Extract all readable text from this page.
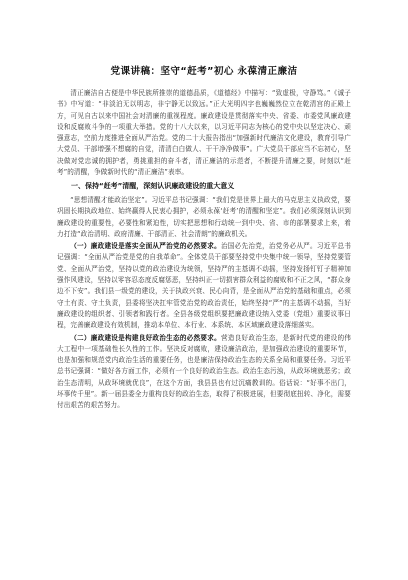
党课讲稿：坚守“赶考”初心 永葆清正廉洁

清正廉洁自古便是中华民族所推崇的道德品质，《道德经》中描写：“致虚极，守静笃。”《诚子书》中写道：“非淡泊无以明志，非宁静无以致远。”正大光明四字也巍巍然位立在乾清宫的正殿上方，可见自古以来中国社会对清廉的重视程度。廉政建设是贯彻落实中央、省委、市委党风廉政建设和反腐败斗争的一项重大举措。党的十八大以来，以习近平同志为核心的党中央以坚定决心、顽强意志，空前力度推进全面从严治党。党的二十大报告指出“加强新时代廉洁文化建设，教育引导广大党员、干部增强不想腐的自觉，清清白白做人、干干净净做事”。广大党员干部应当不忘初心，坚决做对党忠诚的拥护者，勇挑重担的奋斗者，清正廉洁的示范者，不断提升清廉之要，时刻以“赶考”的清醒，争做新时代的“清正廉洁”表率。

一、保持“赶考”清醒，深刻认识廉政建设的重大意义

“思想清醒才能政治坚定”。习近平总书记强调：“我们党是世界上最大的马克思主义执政党，要巩固长期执政地位、始终赢得人民衷心拥护，必须永葆‘赶考’的清醒和坚定”。我们必须深刻认识到廉政建设的重要性，必要性和紧迫性，切实把思想和行动统一到中央、省、市的部署要求上来，着力打造“政治清明、政府清廉、干部清正、社会清朗”的廉政机关。

（一）廉政建设是落实全面从严治党的必然要求。治国必先治党，治党务必从严。习近平总书记强调：“全面从严治党是党的自我革命”。全体党员干部要坚持党中央集中统一领导，坚持党要管党、全面从严治党，坚持以党的政治建设为统领，坚持严的主基调不动摇，坚持发扬钉钉子精神加强作风建设，坚持以零容忍态度反腐惩恶，坚持纠正一切损害群众利益的腐败和不正之风，“群众身边不下安”。我们县一级党的建设，关于执政兴衰、民心向背，是全面从严治党的基础和重点，必须守土有责、守土负责，县委将坚决扛牢管党治党的政治责任，始终坚持“严”的主基调不动摇，当好廉政建设的组织者、引领者和践行者。全县各级党组织要把廉政建设纳入党委（党组）重要议事日程，完善廉政建设有效机制，推动本单位、本行业、本系统、本区域廉政建设落细落实。

（二）廉政建设是构建良好政治生态的必然要求。营造良好政治生态，是新时代党的建设的伟大工程中一项基础性长久性的工作。坚决反对腐败，建设廉洁政治，是加强政治建设的重要环节，也是加强和规范党内政治生活的重要任务，也是廉洁保持政治生态的关系全局和重要任务。习近平总书记强调：“做好各方面工作，必须有一个良好的政治生态。政治生态污浊，从政环境就恶劣；政治生态清明，从政环境就优良”，在这个方面，我县县也有过沉痛教训的。俗话说：“好事不出门，坏事传千里”。新一届县委全力重构良好的政治生态，取得了积极进展，但要彻底扭转、净化，需要付出艰苦的艰苦努力。
